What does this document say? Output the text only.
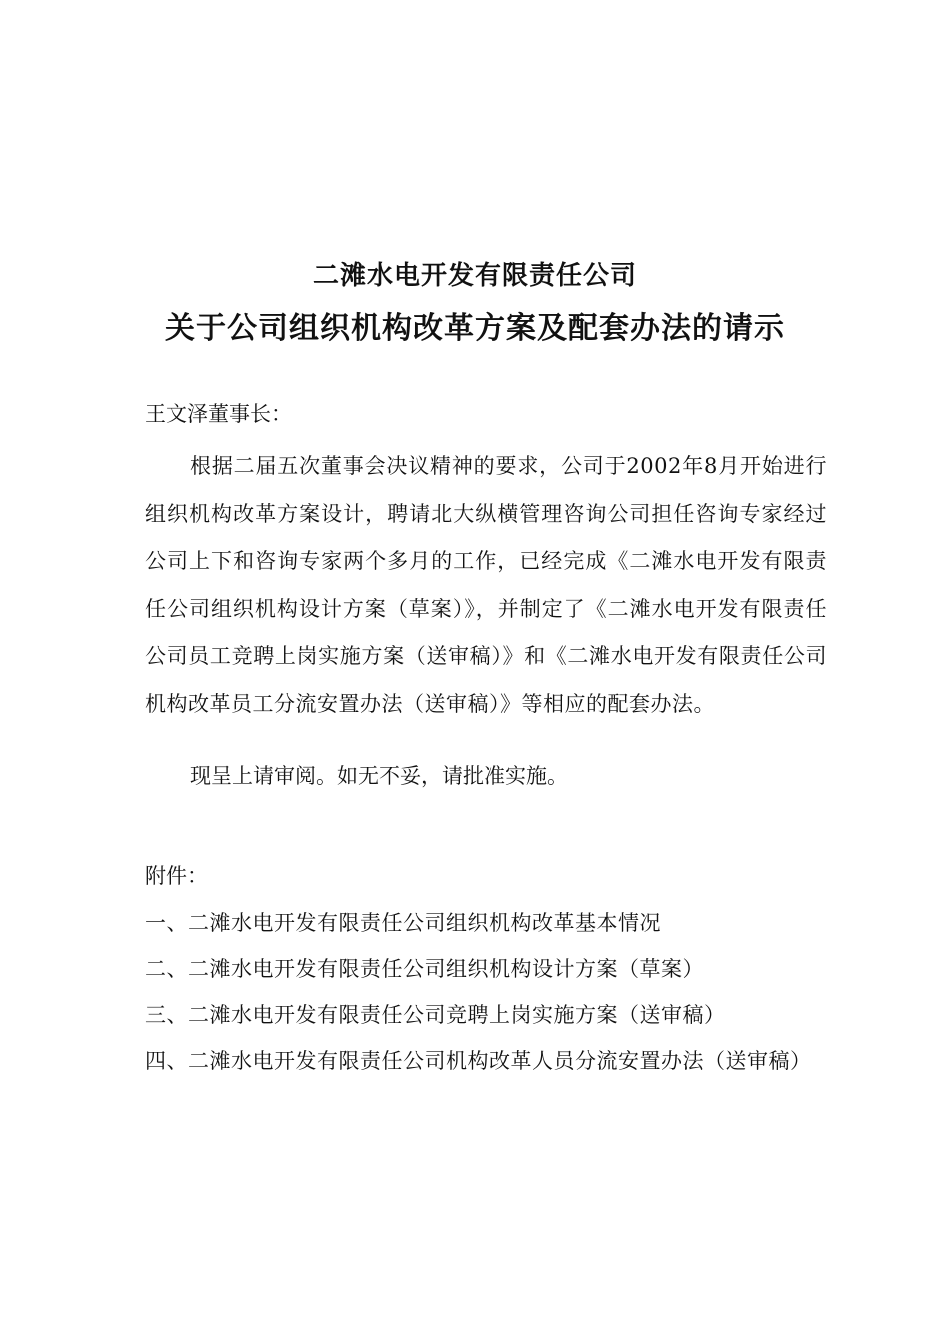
二滩水电开发有限责任公司
关于公司组织机构改革方案及配套办法的请示
王文泽董事长：
根据二届五次董事会决议精神的要求，公司于2002年8月开始进行组织机构改革方案设计，聘请北大纵横管理咨询公司担任咨询专家经过公司上下和咨询专家两个多月的工作，已经完成《二滩水电开发有限责任公司组织机构设计方案（草案）》，并制定了《二滩水电开发有限责任公司员工竞聘上岗实施方案（送审稿）》和《二滩水电开发有限责任公司机构改革员工分流安置办法（送审稿）》等相应的配套办法。
现呈上请审阅。如无不妥，请批准实施。
附件：
一、二滩水电开发有限责任公司组织机构改革基本情况
二、二滩水电开发有限责任公司组织机构设计方案（草案）
三、二滩水电开发有限责任公司竞聘上岗实施方案（送审稿）
四、二滩水电开发有限责任公司机构改革人员分流安置办法（送审稿）
